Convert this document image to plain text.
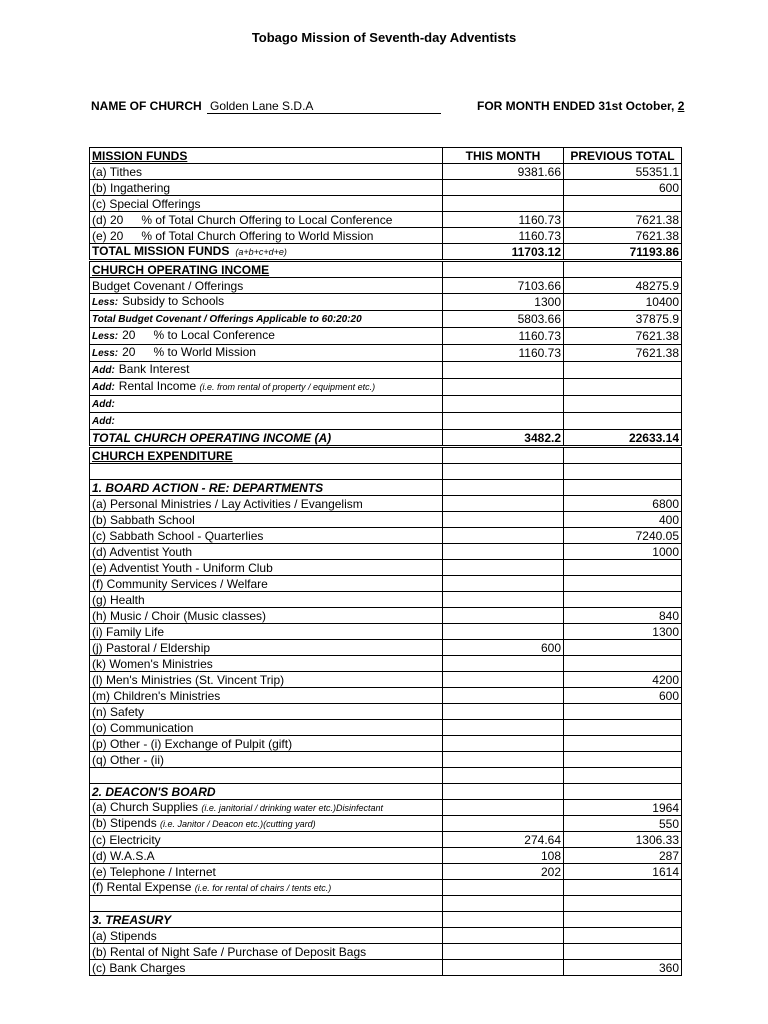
Tobago Mission of Seventh-day Adventists
NAME OF CHURCH Golden Lane S.D.A	FOR MONTH ENDED 31st October, 2
MISSION FUNDS	THIS MONTH	PREVIOUS TOTAL
(a) Tithes	9381.66	55351.1
(b) Ingathering		600
(c) Special Offerings		
(d) 20 % of Total Church Offering to Local Conference	1160.73	7621.38
(e) 20 % of Total Church Offering to World Mission	1160.73	7621.38
TOTAL MISSION FUNDS (a+b+c+d+e)	11703.12	71193.86
CHURCH OPERATING INCOME		
Budget Covenant / Offerings	7103.66	48275.9
Less: Subsidy to Schools	1300	10400
Total Budget Covenant / Offerings Applicable to 60:20:20	5803.66	37875.9
Less: 20 % to Local Conference	1160.73	7621.38
Less: 20 % to World Mission	1160.73	7621.38
Add: Bank Interest		
Add: Rental Income (i.e. from rental of property / equipment etc.)		
Add:		
Add:		
TOTAL CHURCH OPERATING INCOME (A)	3482.2	22633.14
CHURCH EXPENDITURE		

1. BOARD ACTION - RE: DEPARTMENTS		
(a) Personal Ministries / Lay Activities / Evangelism		6800
(b) Sabbath School		400
(c) Sabbath School - Quarterlies		7240.05
(d) Adventist Youth		1000
(e) Adventist Youth - Uniform Club		
(f) Community Services / Welfare		
(g) Health		
(h) Music / Choir (Music classes)		840
(i) Family Life		1300
(j) Pastoral / Eldership	600	
(k) Women's Ministries		
(l) Men's Ministries (St. Vincent Trip)		4200
(m) Children's Ministries		600
(n) Safety		
(o) Communication		
(p) Other - (i) Exchange of Pulpit (gift)		
(q) Other - (ii)		

2. DEACON'S BOARD		
(a) Church Supplies (i.e. janitorial / drinking water etc.)Disinfectant		1964
(b) Stipends (i.e. Janitor / Deacon etc.)(cutting yard)		550
(c) Electricity	274.64	1306.33
(d) W.A.S.A	108	287
(e) Telephone / Internet	202	1614
(f) Rental Expense (i.e. for rental of chairs / tents etc.)		

3. TREASURY		
(a) Stipends		
(b) Rental of Night Safe / Purchase of Deposit Bags		
(c) Bank Charges		360
